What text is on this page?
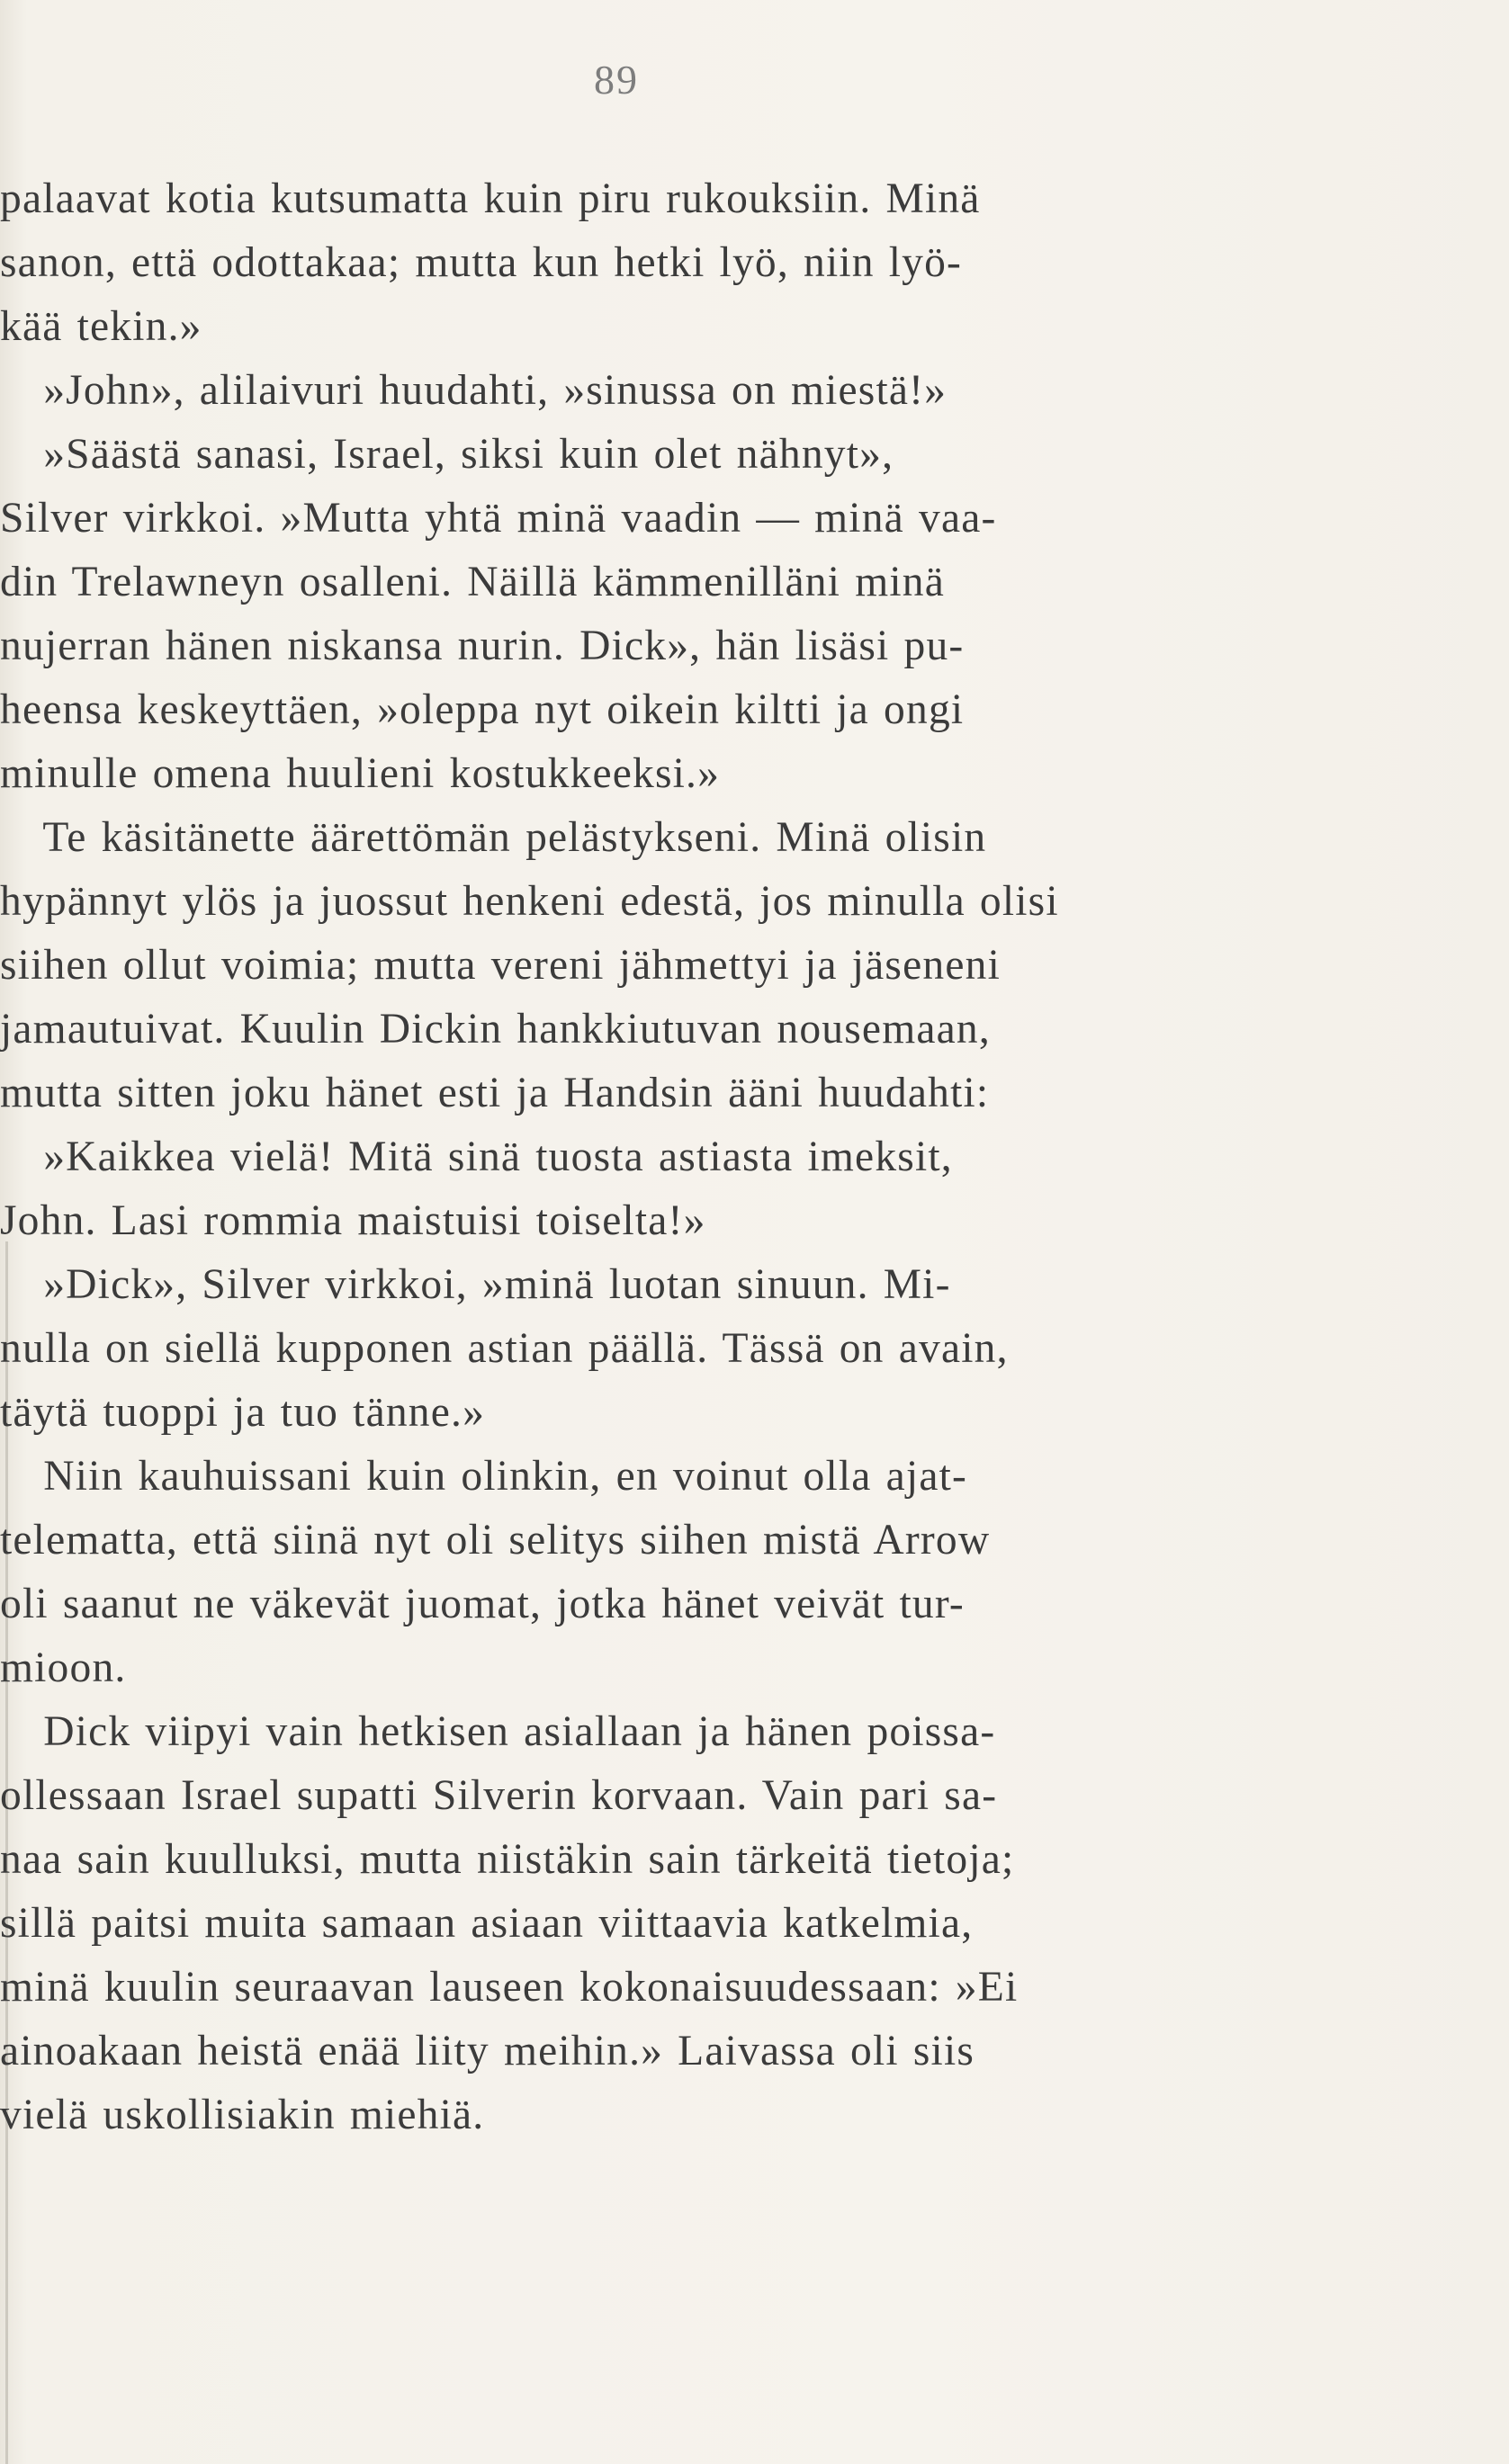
89
palaavat kotia kutsumatta kuin piru rukouksiin. Minä
sanon, että odottakaa; mutta kun hetki lyö, niin lyö-
kää tekin.»
»John», alilaivuri huudahti, »sinussa on miestä!»
»Säästä sanasi, Israel, siksi kuin olet nähnyt»,
Silver virkkoi. »Mutta yhtä minä vaadin — minä vaa-
din Trelawneyn osalleni. Näillä kämmenilläni minä
nujerran hänen niskansa nurin. Dick», hän lisäsi pu-
heensa keskeyttäen, »oleppa nyt oikein kiltti ja ongi
minulle omena huulieni kostukkeeksi.»
Te käsitänette äärettömän pelästykseni. Minä olisin
hypännyt ylös ja juossut henkeni edestä, jos minulla olisi
siihen ollut voimia; mutta vereni jähmettyi ja jäseneni
jamautuivat. Kuulin Dickin hankkiutuvan nousemaan,
mutta sitten joku hänet esti ja Handsin ääni huudahti:
»Kaikkea vielä! Mitä sinä tuosta astiasta imeksit,
John. Lasi rommia maistuisi toiselta!»
»Dick», Silver virkkoi, »minä luotan sinuun. Mi-
nulla on siellä kupponen astian päällä. Tässä on avain,
täytä tuoppi ja tuo tänne.»
Niin kauhuissani kuin olinkin, en voinut olla ajat-
telematta, että siinä nyt oli selitys siihen mistä Arrow
oli saanut ne väkevät juomat, jotka hänet veivät tur-
mioon.
Dick viipyi vain hetkisen asiallaan ja hänen poissa-
ollessaan Israel supatti Silverin korvaan. Vain pari sa-
naa sain kuulluksi, mutta niistäkin sain tärkeitä tietoja;
sillä paitsi muita samaan asiaan viittaavia katkelmia,
minä kuulin seuraavan lauseen kokonaisuudessaan: »Ei
ainoakaan heistä enää liity meihin.» Laivassa oli siis
vielä uskollisiakin miehiä.
